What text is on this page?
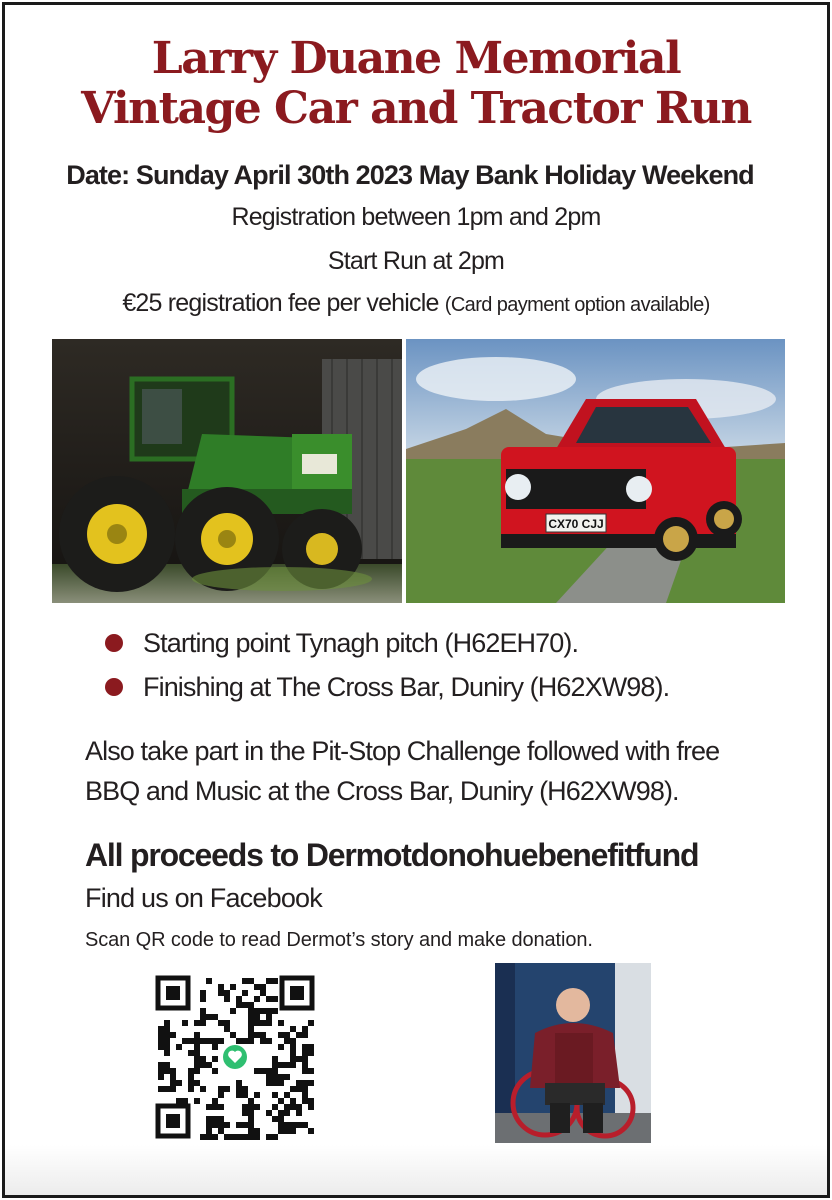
Larry Duane Memorial
Vintage Car and Tractor Run
Date: Sunday April 30th 2023 May Bank Holiday Weekend
Registration between 1pm and 2pm
Start Run at 2pm
€25 registration fee per vehicle (Card payment option available)
CX70 CJJ
Starting point Tynagh pitch (H62EH70).
Finishing at The Cross Bar, Duniry (H62XW98).
Also take part in the Pit-Stop Challenge followed with free
BBQ and Music at the Cross Bar, Duniry (H62XW98).
All proceeds to Dermotdonohuebenefitfund
Find us on Facebook
Scan QR code to read Dermot’s story and make donation.
